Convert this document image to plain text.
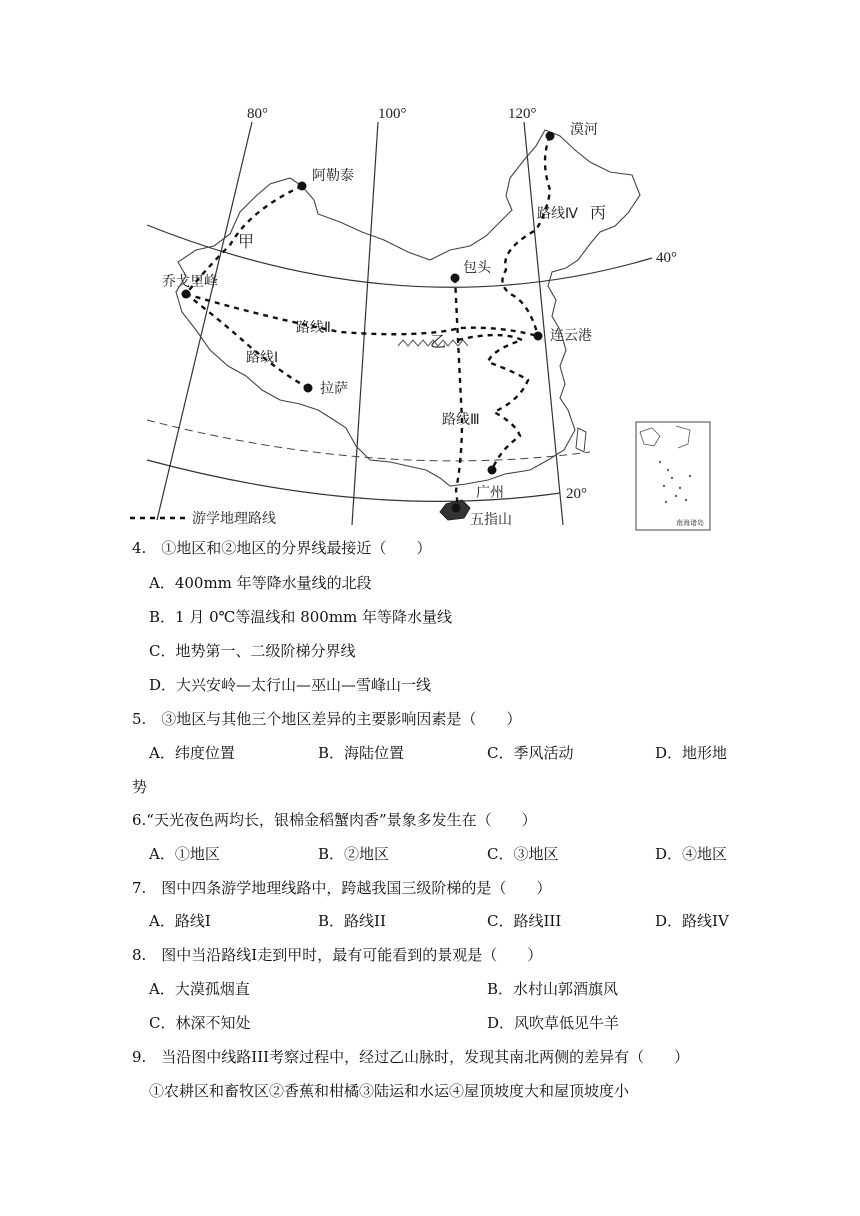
80°	100°	120°
40°
20°
阿勒泰
漠河
包头
乔戈里峰
拉萨
连云港
广州
五指山
甲
乙
丙
路线Ⅰ
路线Ⅱ
路线Ⅲ
路线Ⅳ
游学地理路线	南海诸岛
4.　①地区和②地区的分界线最接近（　　）
A．400mm 年等降水量线的北段
B．1 月 0℃等温线和 800mm 年等降水量线
C．地势第一、二级阶梯分界线
D．大兴安岭—太行山—巫山—雪峰山一线
5.　③地区与其他三个地区差异的主要影响因素是（　　）
A．纬度位置	B．海陆位置	C．季风活动	D．地形地
势
6.“天光夜色两均长，银棉金稻蟹肉香”景象多发生在（　　）
A．①地区	B．②地区	C．③地区	D．④地区
7.　图中四条游学地理线路中，跨越我国三级阶梯的是（　　）
A．路线I	B．路线II	C．路线III	D．路线IV
8.　图中当沿路线I走到甲时，最有可能看到的景观是（　　）
A．大漠孤烟直	B．水村山郭酒旗风
C．林深不知处	D．风吹草低见牛羊
9.　当沿图中线路III考察过程中，经过乙山脉时，发现其南北两侧的差异有（　　）
①农耕区和畜牧区②香蕉和柑橘③陆运和水运④屋顶坡度大和屋顶坡度小
